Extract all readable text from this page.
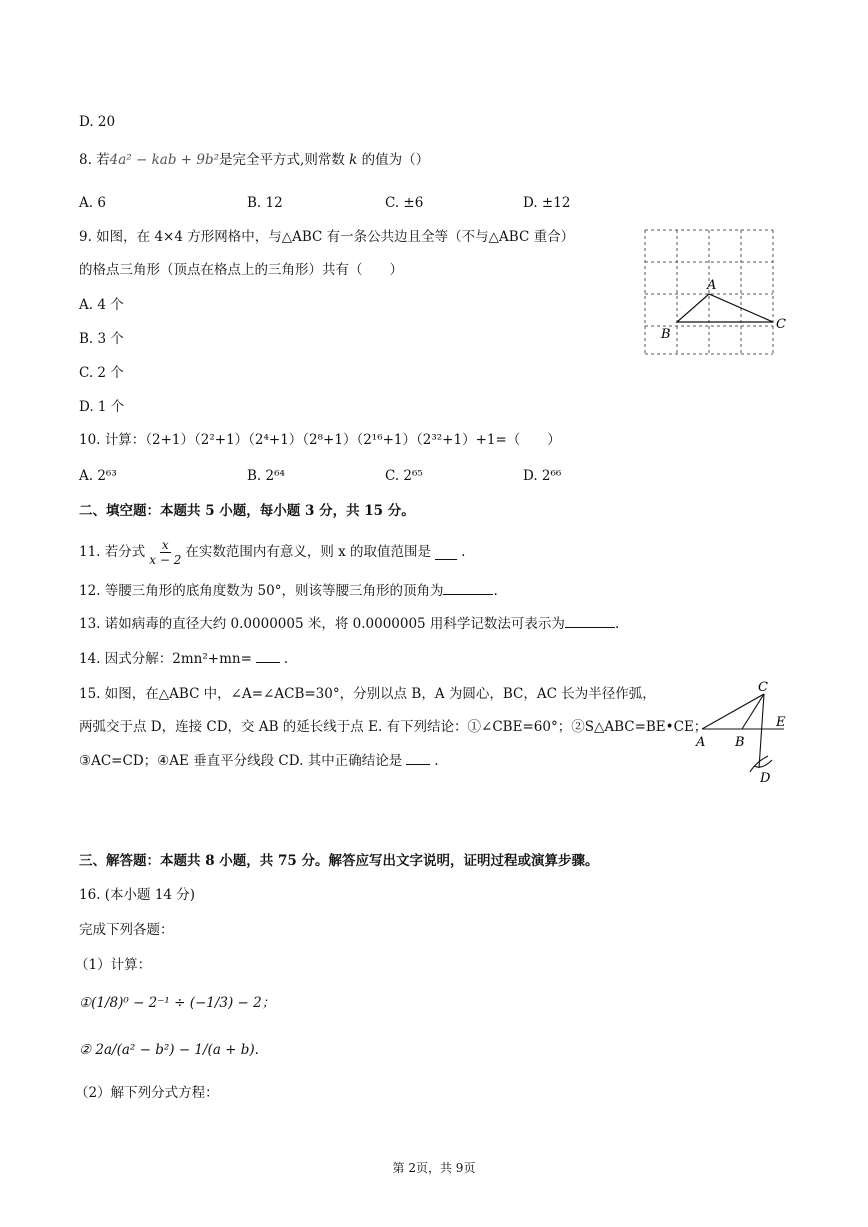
D. 20
8. 若4a² − kab + 9b²是完全平方式,则常数 k 的值为（）
A. 6	B. 12	C. ±6	D. ±12
9. 如图，在 4×4 方形网格中，与△ABC 有一条公共边且全等（不与△ABC 重合）
的格点三角形（顶点在格点上的三角形）共有（　　）
A. 4 个
B. 3 个
C. 2 个
D. 1 个
A
B
C
10. 计算：（2+1）（2²+1）（2⁴+1）（2⁸+1）（2¹⁶+1）（2³²+1）+1=（　　）
A. 2⁶³	B. 2⁶⁴	C. 2⁶⁵	D. 2⁶⁶
二、填空题：本题共 5 小题，每小题 3 分，共 15 分。
11. 若分式 $\frac{x}{x - 2}$ 在实数范围内有意义，则 x 的取值范围是 .
12. 等腰三角形的底角度数为 50°，则该等腰三角形的顶角为	.
13. 诺如病毒的直径大约 0.0000005 米，将 0.0000005 用科学记数法可表示为	.
14. 因式分解：2mn²+mn= .
15. 如图，在△ABC 中，∠A=∠ACB=30°，分别以点 B，A 为圆心，BC，AC 长为半径作弧，
两弧交于点 D，连接 CD，交 AB 的延长线于点 E. 有下列结论：①∠CBE=60°；②S△ABC=BE•CE；
③AC=CD；④AE 垂直平分线段 CD. 其中正确结论是 .
C
A B
E
D
三、解答题：本题共 8 小题，共 75 分。解答应写出文字说明，证明过程或演算步骤。
16. (本小题 14 分)
完成下列各题：
（1）计算：
①(1/8)⁰ − 2⁻¹ ÷ (−1/3) − 2；
② 2a/(a² − b²) − 1/(a + b).
（2）解下列分式方程：
第 2页，共 9页
